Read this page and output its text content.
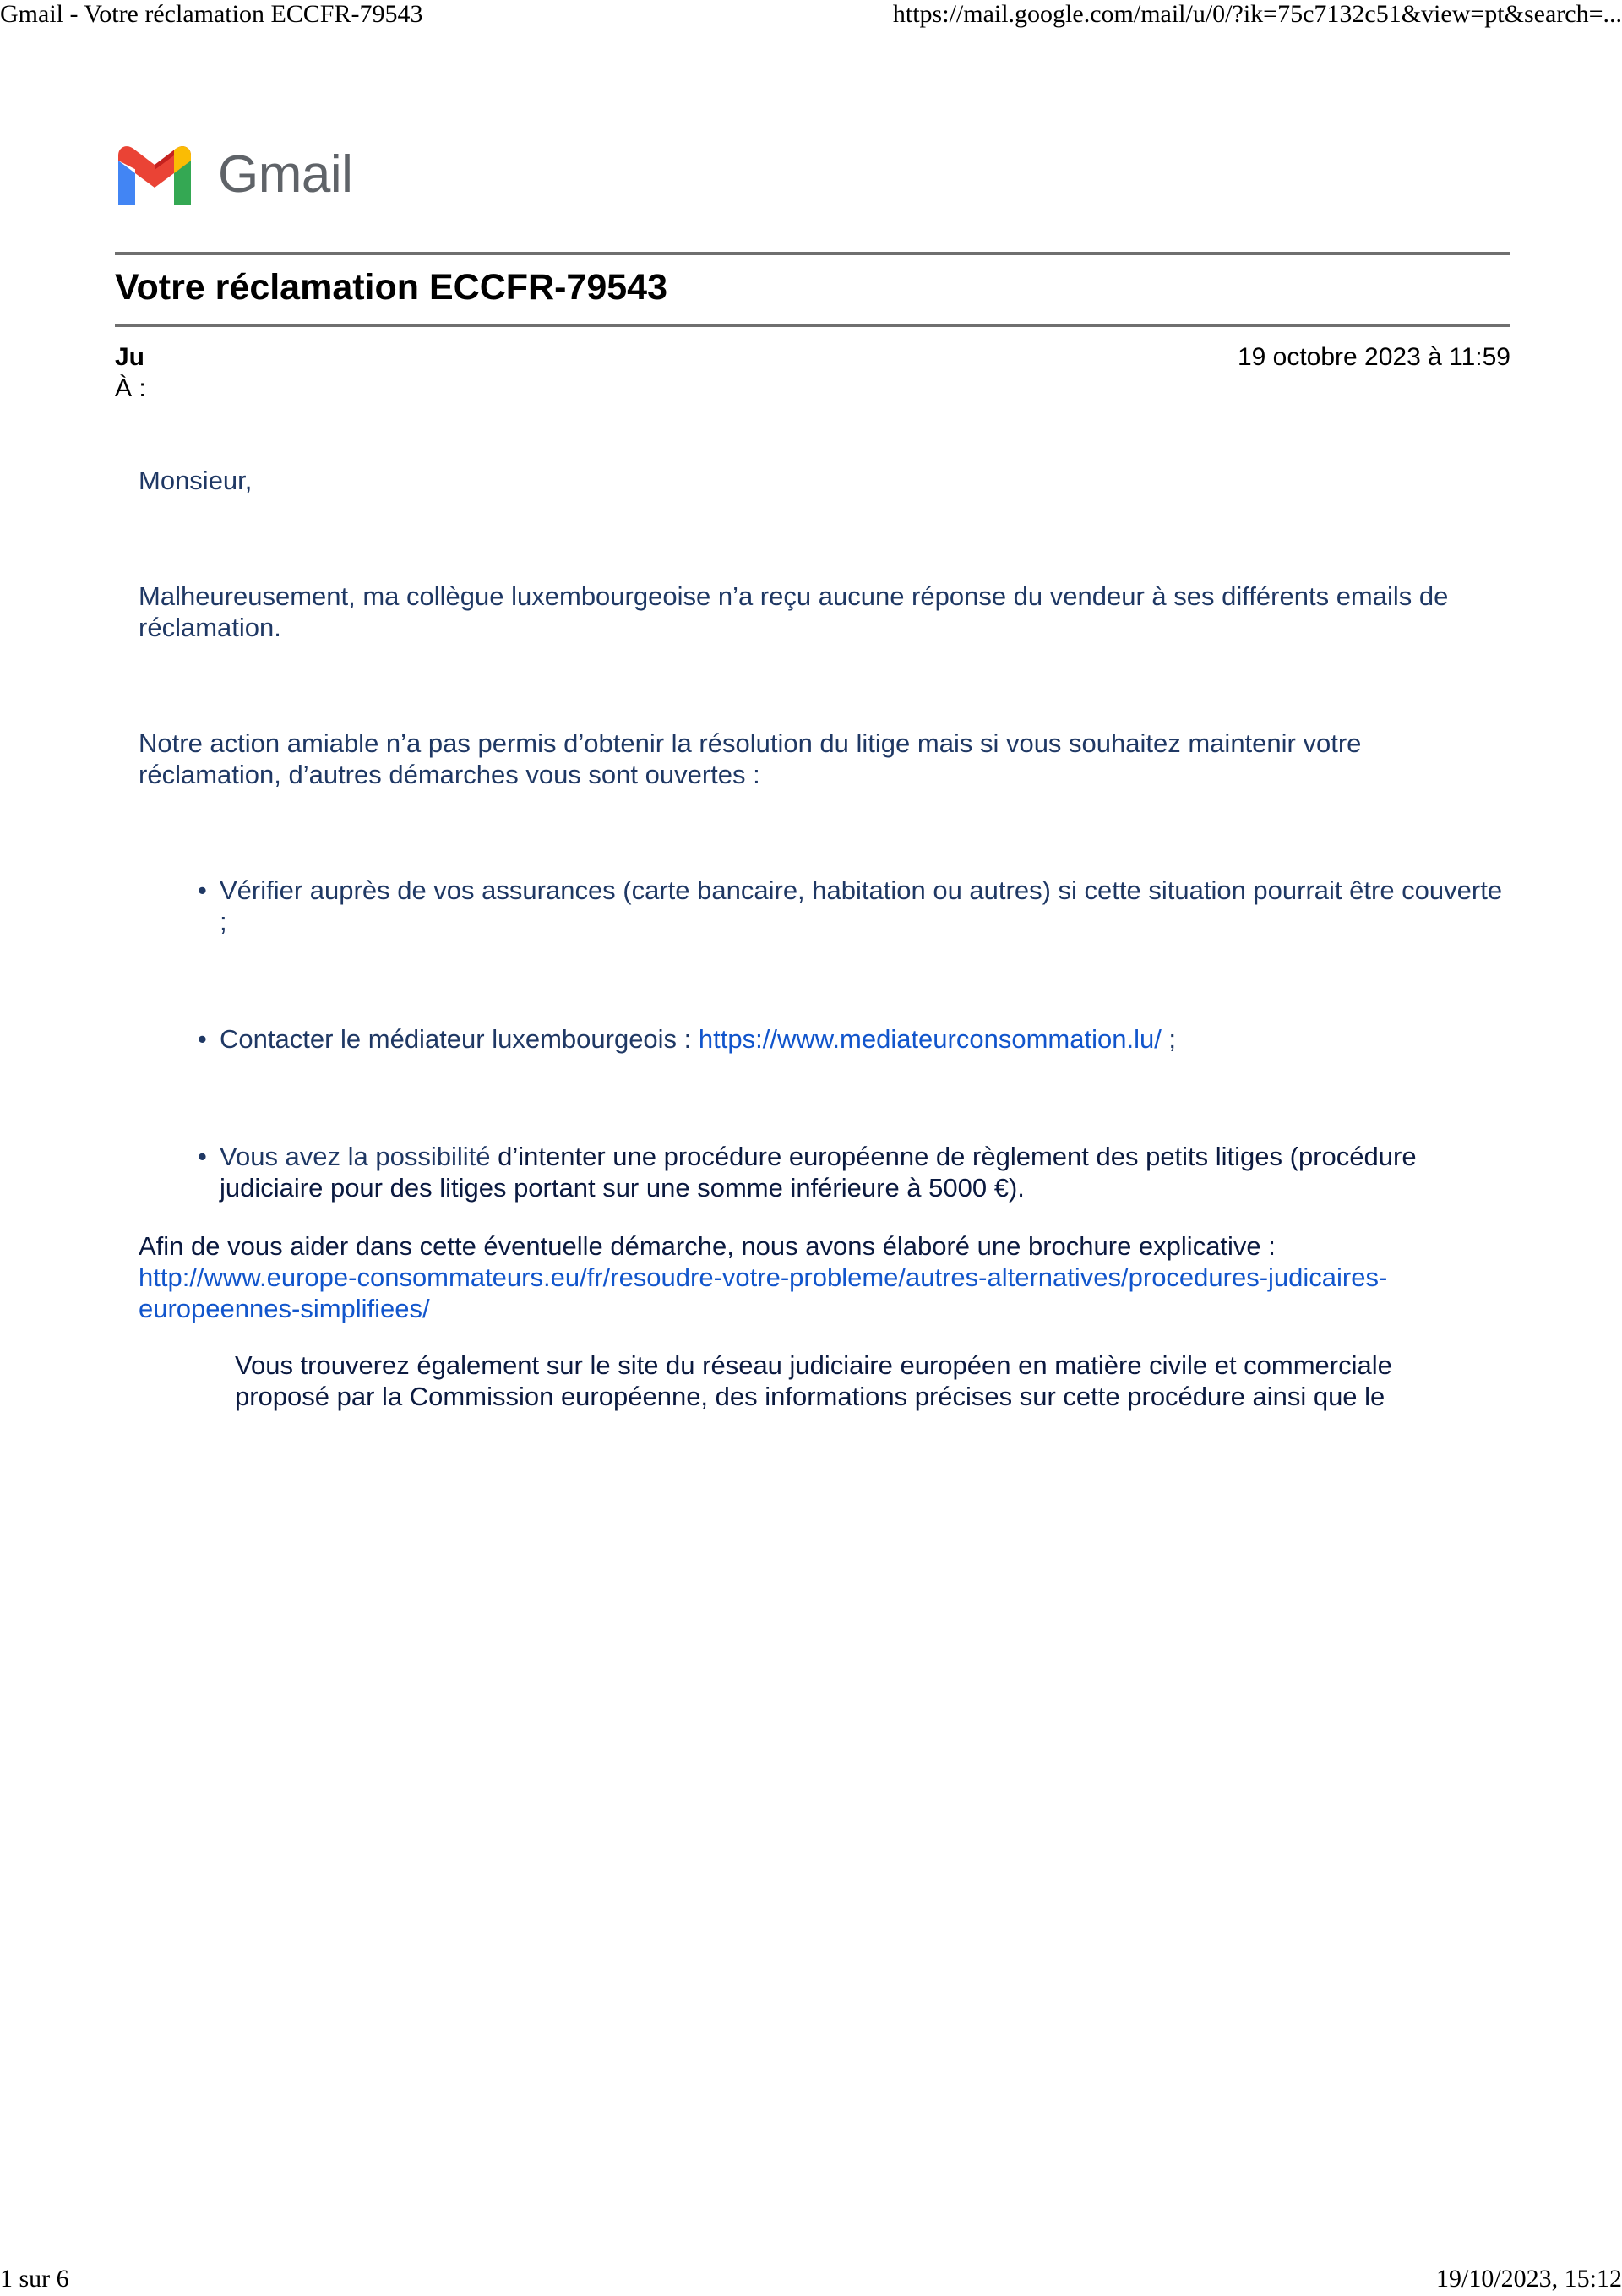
Gmail - Votre réclamation ECCFR-79543	https://mail.google.com/mail/u/0/?ik=75c7132c51&view=pt&search=...
Gmail
Votre réclamation ECCFR-79543
Ju	19 octobre 2023 à 11:59
À :

Monsieur,

Malheureusement, ma collègue luxembourgeoise n’a reçu aucune réponse du vendeur à ses différents emails de réclamation.

Notre action amiable n’a pas permis d’obtenir la résolution du litige mais si vous souhaitez maintenir votre réclamation, d’autres démarches vous sont ouvertes :

• Vérifier auprès de vos assurances (carte bancaire, habitation ou autres) si cette situation pourrait être couverte ;
• Contacter le médiateur luxembourgeois : https://www.mediateurconsommation.lu/ ;
• Vous avez la possibilité d’intenter une procédure européenne de règlement des petits litiges (procédure judiciaire pour des litiges portant sur une somme inférieure à 5000 €).
Afin de vous aider dans cette éventuelle démarche, nous avons élaboré une brochure explicative :
http://www.europe-consommateurs.eu/fr/resoudre-votre-probleme/autres-alternatives/procedures-judicaires-europeennes-simplifiees/
Vous trouverez également sur le site du réseau judiciaire européen en matière civile et commerciale proposé par la Commission européenne, des informations précises sur cette procédure ainsi que le
1 sur 6	19/10/2023, 15:12
